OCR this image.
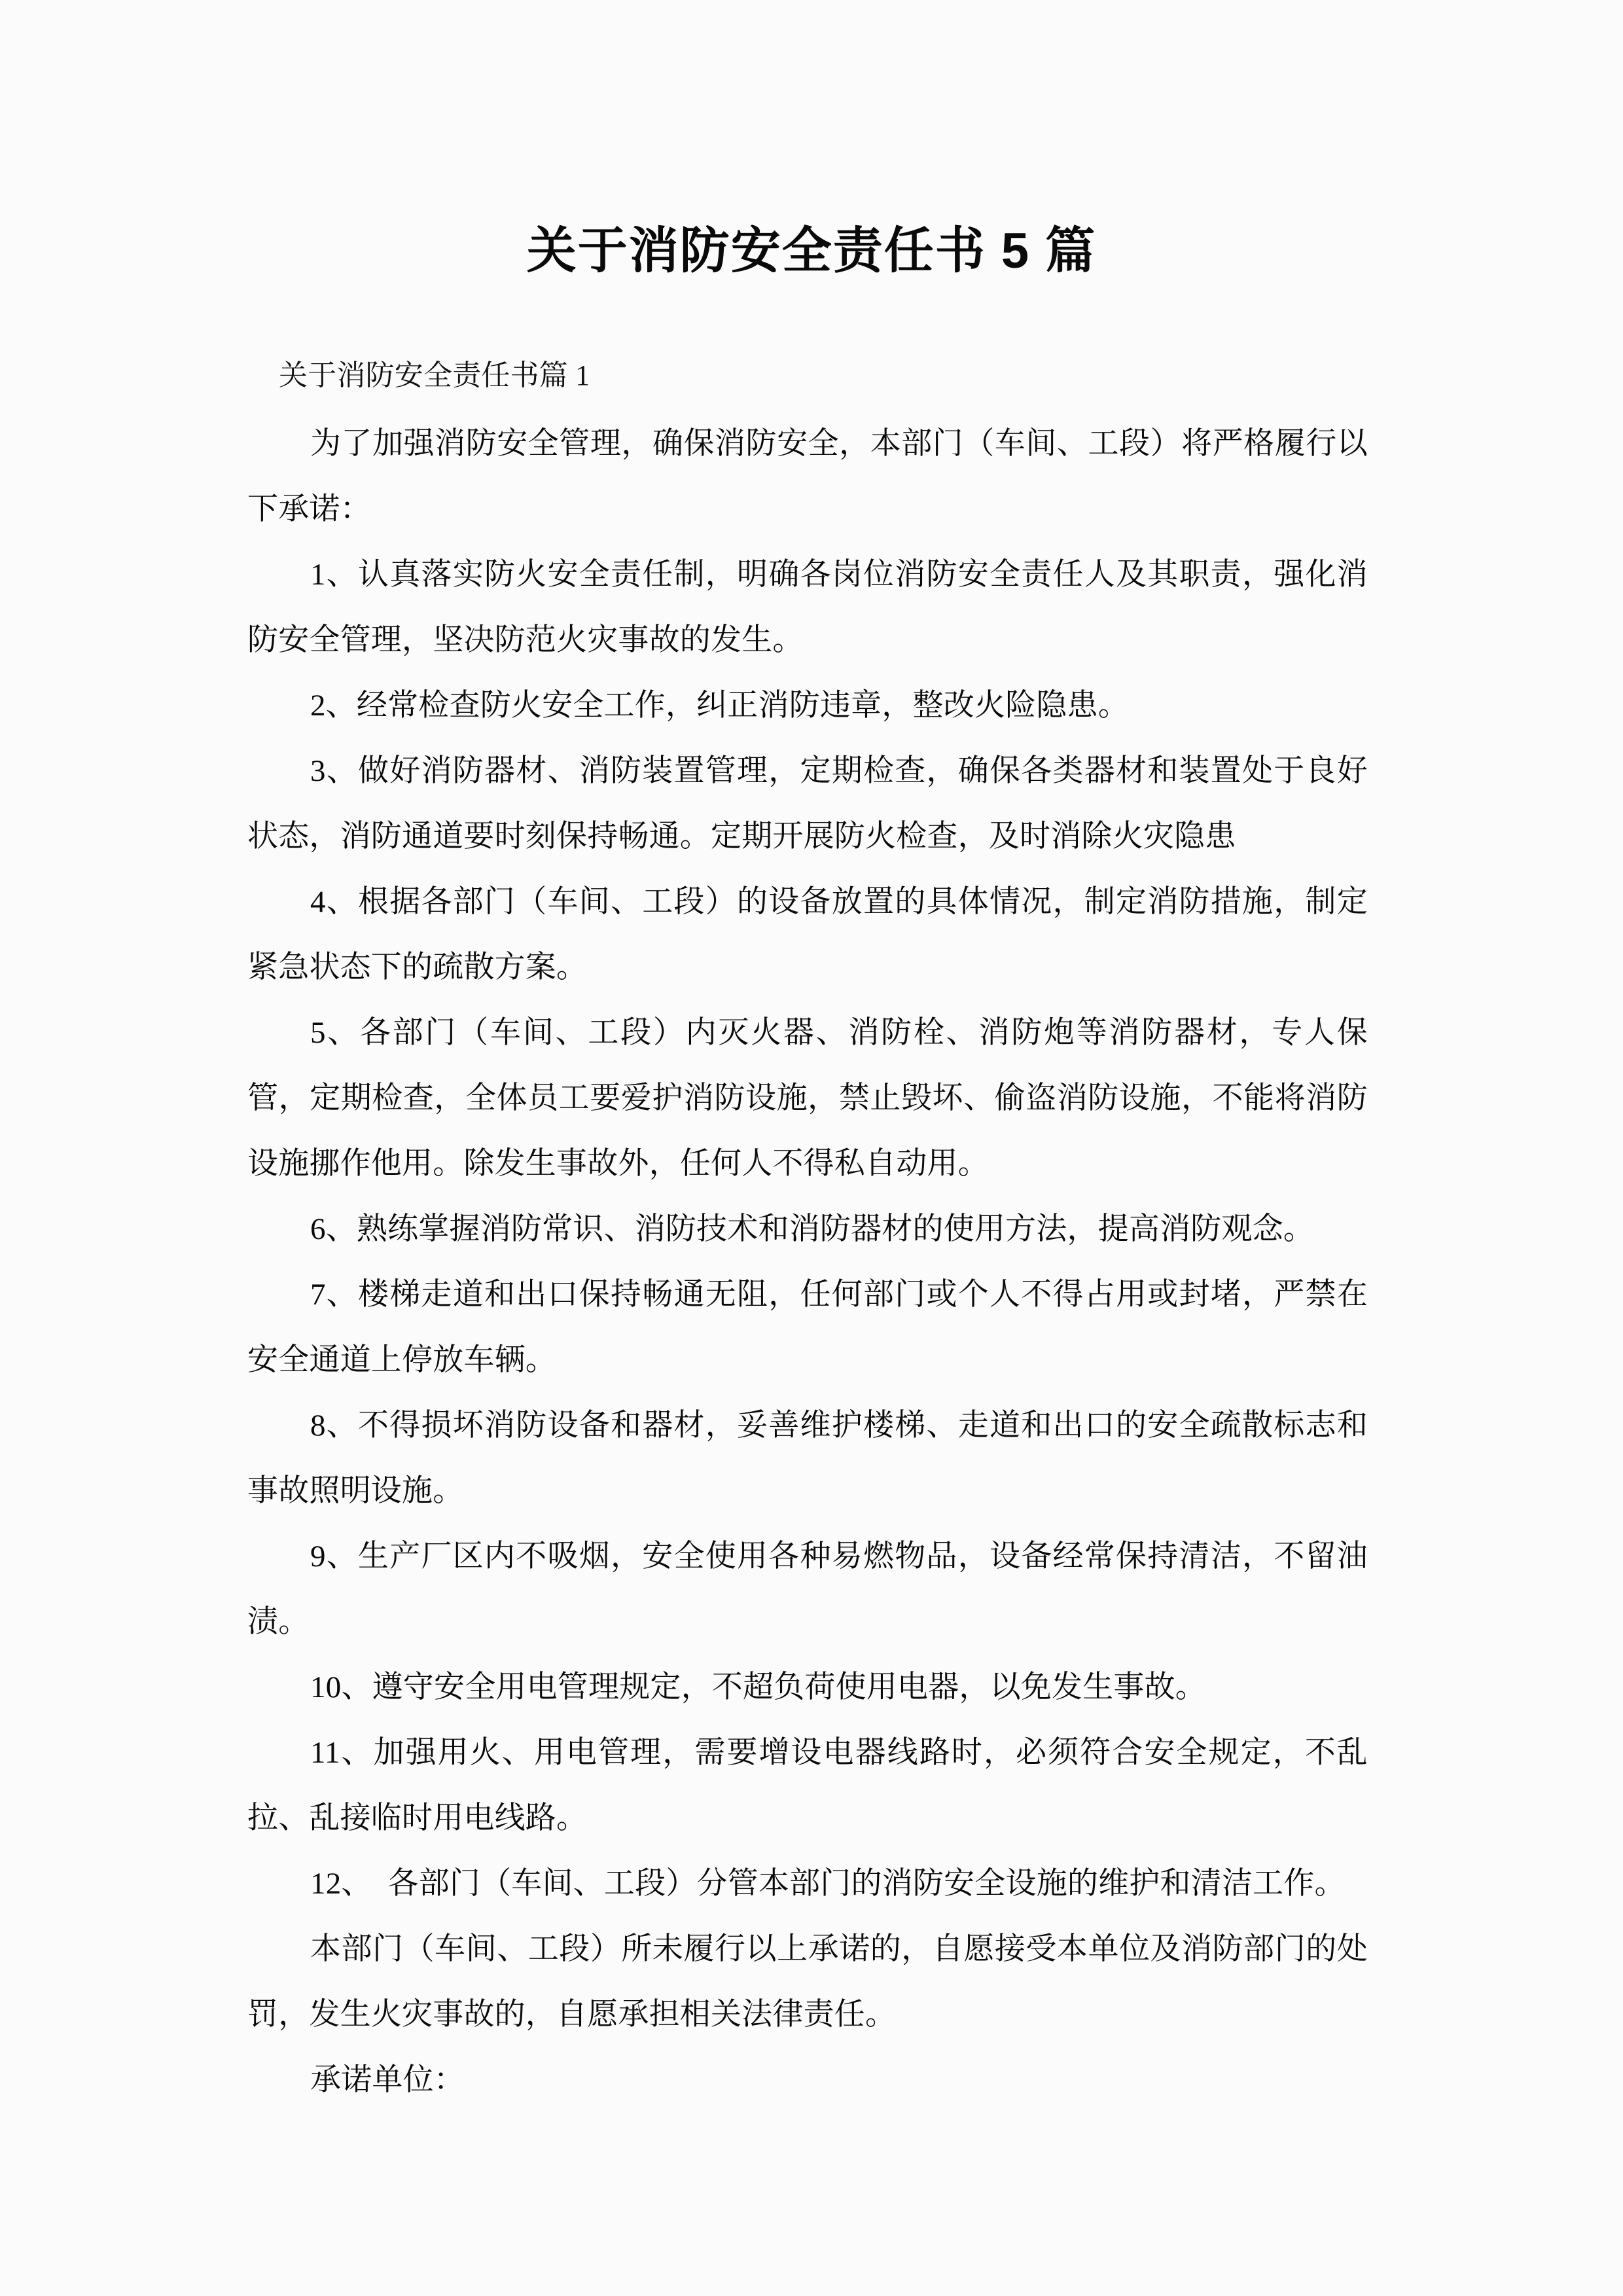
关于消防安全责任书 5 篇

关于消防安全责任书篇 1

为了加强消防安全管理，确保消防安全，本部门（车间、工段）将严格履行以下承诺：

1、认真落实防火安全责任制，明确各岗位消防安全责任人及其职责，强化消防安全管理，坚决防范火灾事故的发生。

2、经常检查防火安全工作，纠正消防违章，整改火险隐患。

3、做好消防器材、消防装置管理，定期检查，确保各类器材和装置处于良好状态，消防通道要时刻保持畅通。定期开展防火检查，及时消除火灾隐患

4、根据各部门（车间、工段）的设备放置的具体情况，制定消防措施，制定紧急状态下的疏散方案。

5、各部门（车间、工段）内灭火器、消防栓、消防炮等消防器材，专人保管，定期检查，全体员工要爱护消防设施，禁止毁坏、偷盗消防设施，不能将消防设施挪作他用。除发生事故外，任何人不得私自动用。

6、熟练掌握消防常识、消防技术和消防器材的使用方法，提高消防观念。

7、楼梯走道和出口保持畅通无阻，任何部门或个人不得占用或封堵，严禁在安全通道上停放车辆。

8、不得损坏消防设备和器材，妥善维护楼梯、走道和出口的安全疏散标志和事故照明设施。

9、生产厂区内不吸烟，安全使用各种易燃物品，设备经常保持清洁，不留油渍。

10、遵守安全用电管理规定，不超负荷使用电器，以免发生事故。

11、加强用火、用电管理，需要增设电器线路时，必须符合安全规定，不乱拉、乱接临时用电线路。

12、  各部门（车间、工段）分管本部门的消防安全设施的维护和清洁工作。

本部门（车间、工段）所未履行以上承诺的，自愿接受本单位及消防部门的处罚，发生火灾事故的，自愿承担相关法律责任。

承诺单位：
